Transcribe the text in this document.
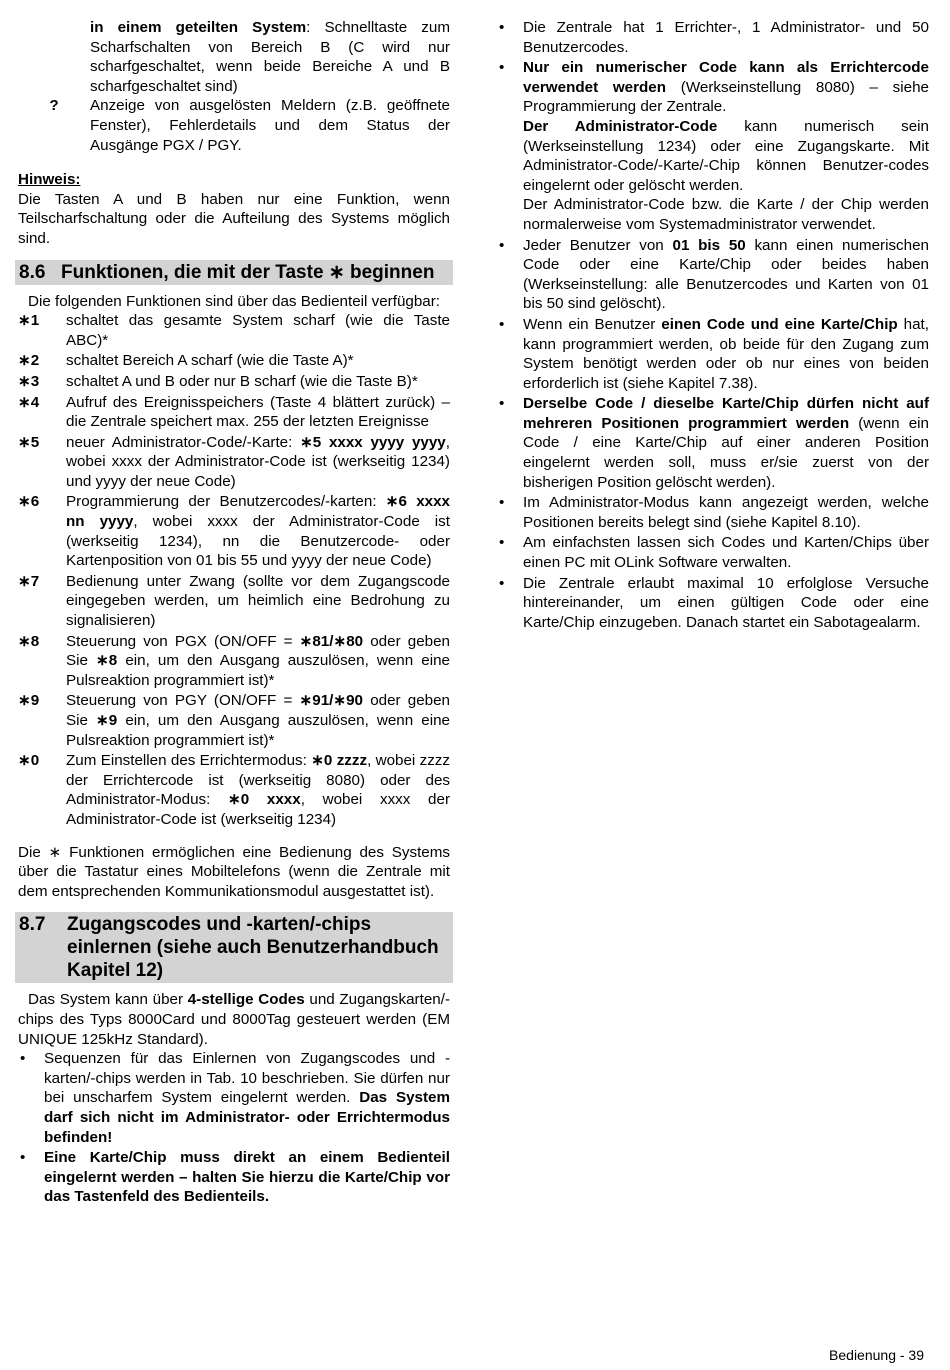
in einem geteilten System: Schnelltaste zum Scharfschalten von Bereich B (C wird nur scharfgeschaltet, wenn beide Bereiche A und B scharfgeschaltet sind)
?	Anzeige von ausgelösten Meldern (z.B. geöffnete Fenster), Fehlerdetails und dem Status der Ausgänge PGX / PGY.

Hinweis:

Die Tasten A und B haben nur eine Funktion, wenn Teilscharfschaltung oder die Aufteilung des Systems möglich sind.

8.6 Funktionen, die mit der Taste ∗ beginnen

Die folgenden Funktionen sind über das Bedienteil verfügbar:

∗1	schaltet das gesamte System scharf (wie die Taste ABC)*
∗2	schaltet Bereich A scharf (wie die Taste A)*
∗3	schaltet A und B oder nur B scharf (wie die Taste B)*
∗4	Aufruf des Ereignisspeichers (Taste 4 blättert zurück) – die Zentrale speichert max. 255 der letzten Ereignisse
∗5	neuer Administrator-Code/-Karte: ∗5 xxxx yyyy yyyy, wobei xxxx der Administrator-Code ist (werkseitig 1234) und yyyy der neue Code)
∗6	Programmierung der Benutzercodes/-karten: ∗6 xxxx nn yyyy, wobei xxxx der Administrator-Code ist (werkseitig 1234), nn die Benutzercode- oder Kartenposition von 01 bis 55 und yyyy der neue Code)
∗7	Bedienung unter Zwang (sollte vor dem Zugangscode eingegeben werden, um heimlich eine Bedrohung zu signalisieren)
∗8	Steuerung von PGX (ON/OFF = ∗81/∗80 oder geben Sie ∗8 ein, um den Ausgang auszulösen, wenn eine Pulsreaktion programmiert ist)*
∗9	Steuerung von PGY (ON/OFF = ∗91/∗90 oder geben Sie ∗9 ein, um den Ausgang auszulösen, wenn eine Pulsreaktion programmiert ist)*
∗0	Zum Einstellen des Errichtermodus: ∗0 zzzz, wobei zzzz der Errichtercode ist (werkseitig 8080) oder des Administrator-Modus: ∗0 xxxx, wobei xxxx der Administrator-Code ist (werkseitig 1234)

Die ∗ Funktionen ermöglichen eine Bedienung des Systems über die Tastatur eines Mobiltelefons (wenn die Zentrale mit dem entsprechenden Kommunikationsmodul ausgestattet ist).

8.7	Zugangscodes und -karten/-chips einlernen (siehe auch Benutzerhandbuch Kapitel 12)

Das System kann über 4-stellige Codes und Zugangskarten/-chips des Typs 8000Card und 8000Tag gesteuert werden (EM UNIQUE 125kHz Standard).

•	Sequenzen für das Einlernen von Zugangscodes und -karten/-chips werden in Tab. 10 beschrieben. Sie dürfen nur bei unscharfem System eingelernt werden. Das System darf sich nicht im Administrator- oder Errichtermodus befinden!
•	Eine Karte/Chip muss direkt an einem Bedienteil eingelernt werden – halten Sie hierzu die Karte/Chip vor das Tastenfeld des Bedienteils.
•	Die Zentrale hat 1 Errichter-, 1 Administrator- und 50 Benutzercodes.
•	Nur ein numerischer Code kann als Errichtercode verwendet werden (Werkseinstellung 8080) – siehe Programmierung der Zentrale.
Der Administrator-Code kann numerisch sein (Werkseinstellung 1234) oder eine Zugangskarte. Mit Administrator-Code/-Karte/-Chip können Benutzer-codes eingelernt oder gelöscht werden.
Der Administrator-Code bzw. die Karte / der Chip werden normalerweise vom Systemadministrator verwendet.
•	Jeder Benutzer von 01 bis 50 kann einen numerischen Code oder eine Karte/Chip oder beides haben (Werkseinstellung: alle Benutzercodes und Karten von 01 bis 50 sind gelöscht).
•	Wenn ein Benutzer einen Code und eine Karte/Chip hat, kann programmiert werden, ob beide für den Zugang zum System benötigt werden oder ob nur eines von beiden erforderlich ist (siehe Kapitel 7.38).
•	Derselbe Code / dieselbe Karte/Chip dürfen nicht auf mehreren Positionen programmiert werden (wenn ein Code / eine Karte/Chip auf einer anderen Position eingelernt werden soll, muss er/sie zuerst von der bisherigen Position gelöscht werden).
•	Im Administrator-Modus kann angezeigt werden, welche Positionen bereits belegt sind (siehe Kapitel 8.10).
•	Am einfachsten lassen sich Codes und Karten/Chips über einen PC mit OLink Software verwalten.
•	Die Zentrale erlaubt maximal 10 erfolglose Versuche hintereinander, um einen gültigen Code oder eine Karte/Chip einzugeben. Danach startet ein Sabotagealarm.
Bedienung - 39
